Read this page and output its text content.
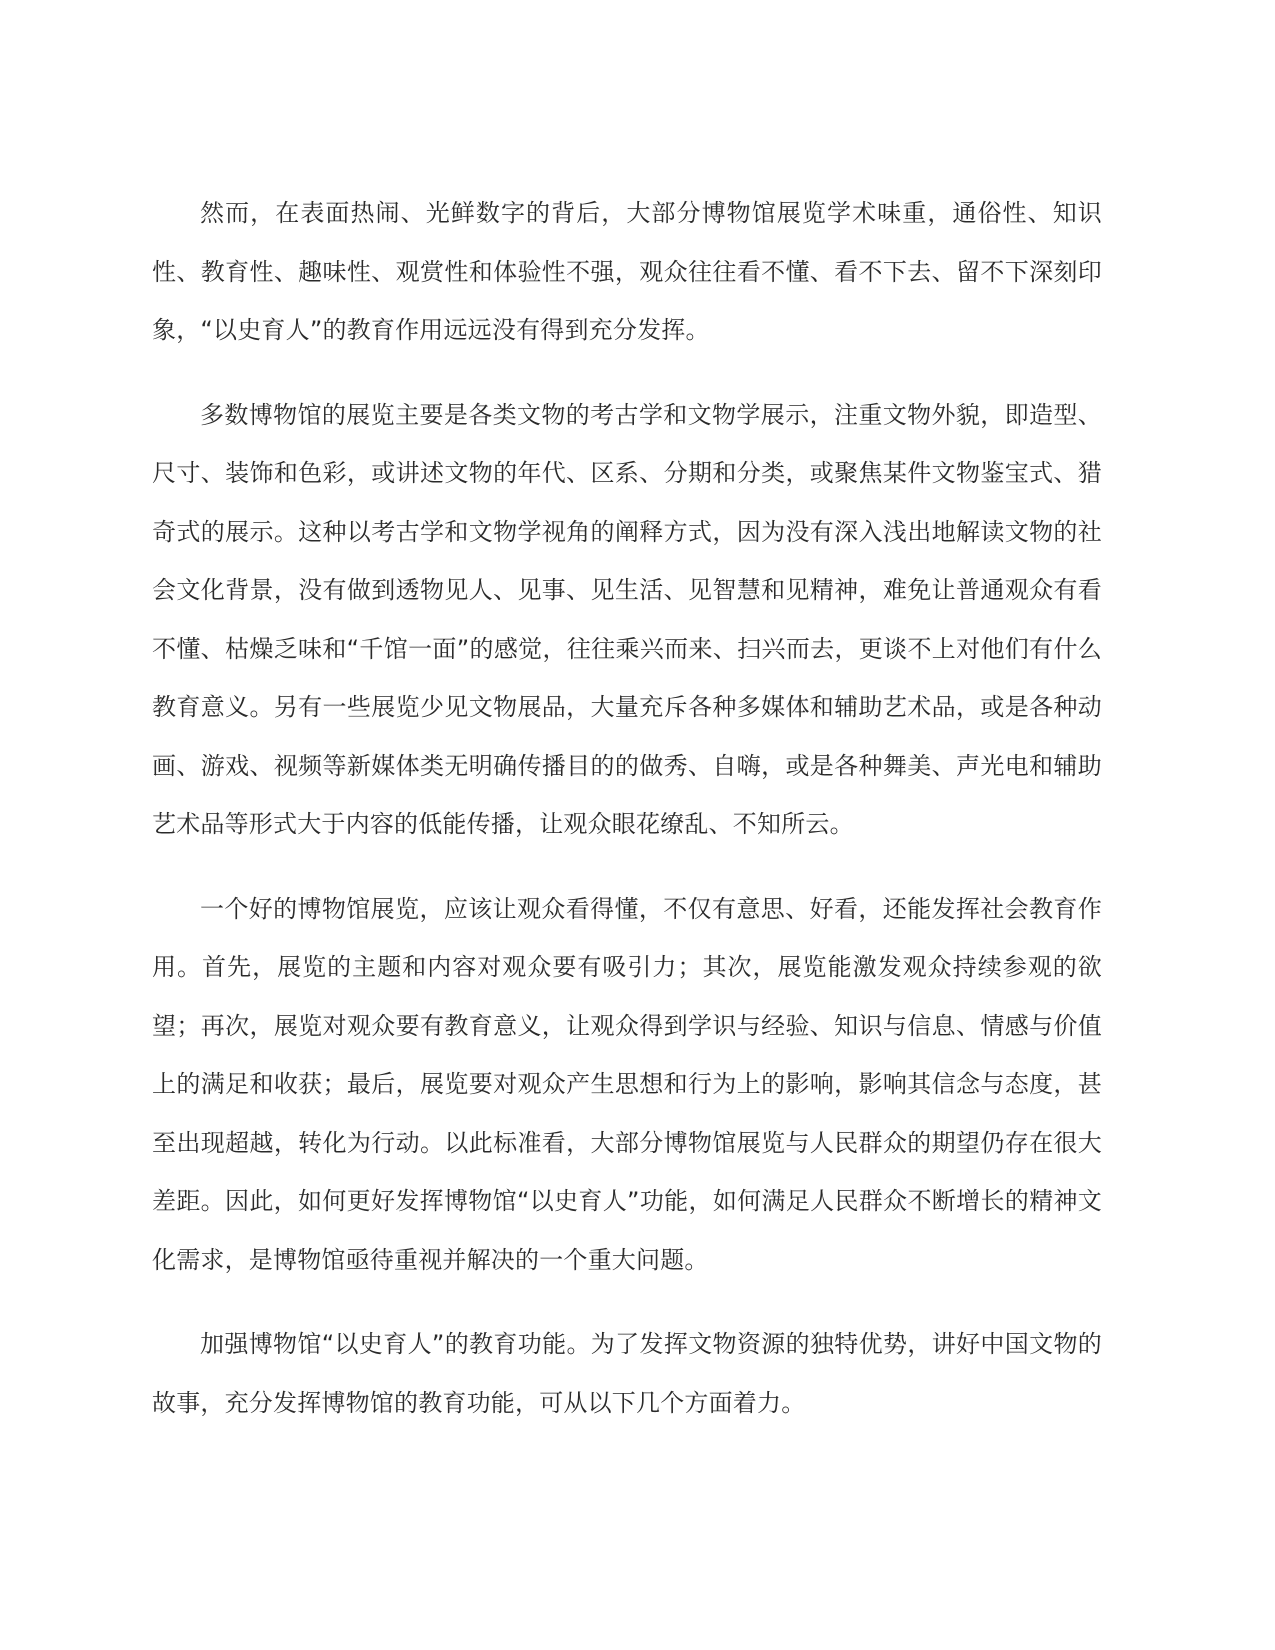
然而，在表面热闹、光鲜数字的背后，大部分博物馆展览学术味重，通俗性、知识性、教育性、趣味性、观赏性和体验性不强，观众往往看不懂、看不下去、留不下深刻印象，“以史育人”的教育作用远远没有得到充分发挥。

多数博物馆的展览主要是各类文物的考古学和文物学展示，注重文物外貌，即造型、尺寸、装饰和色彩，或讲述文物的年代、区系、分期和分类，或聚焦某件文物鉴宝式、猎奇式的展示。这种以考古学和文物学视角的阐释方式，因为没有深入浅出地解读文物的社会文化背景，没有做到透物见人、见事、见生活、见智慧和见精神，难免让普通观众有看不懂、枯燥乏味和“千馆一面”的感觉，往往乘兴而来、扫兴而去，更谈不上对他们有什么教育意义。另有一些展览少见文物展品，大量充斥各种多媒体和辅助艺术品，或是各种动画、游戏、视频等新媒体类无明确传播目的的做秀、自嗨，或是各种舞美、声光电和辅助艺术品等形式大于内容的低能传播，让观众眼花缭乱、不知所云。

一个好的博物馆展览，应该让观众看得懂，不仅有意思、好看，还能发挥社会教育作用。首先，展览的主题和内容对观众要有吸引力；其次，展览能激发观众持续参观的欲望；再次，展览对观众要有教育意义，让观众得到学识与经验、知识与信息、情感与价值上的满足和收获；最后，展览要对观众产生思想和行为上的影响，影响其信念与态度，甚至出现超越，转化为行动。以此标准看，大部分博物馆展览与人民群众的期望仍存在很大差距。因此，如何更好发挥博物馆“以史育人”功能，如何满足人民群众不断增长的精神文化需求，是博物馆亟待重视并解决的一个重大问题。

加强博物馆“以史育人”的教育功能。为了发挥文物资源的独特优势，讲好中国文物的故事，充分发挥博物馆的教育功能，可从以下几个方面着力。
